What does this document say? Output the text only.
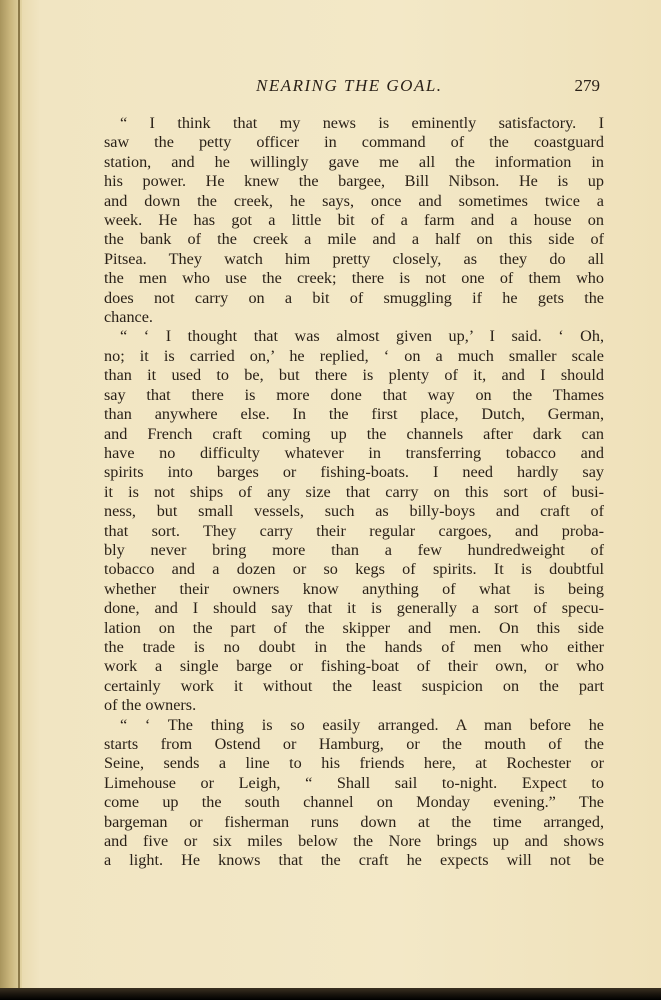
NEARING THE GOAL.	279
“ I think that my news is eminently satisfactory. I
saw the petty officer in command of the coastguard
station, and he willingly gave me all the information in
his power. He knew the bargee, Bill Nibson. He is up
and down the creek, he says, once and sometimes twice a
week. He has got a little bit of a farm and a house on
the bank of the creek a mile and a half on this side of
Pitsea. They watch him pretty closely, as they do all
the men who use the creek; there is not one of them who
does not carry on a bit of smuggling if he gets the
chance.
“ ‘ I thought that was almost given up,’ I said. ‘ Oh,
no; it is carried on,’ he replied, ‘ on a much smaller scale
than it used to be, but there is plenty of it, and I should
say that there is more done that way on the Thames
than anywhere else. In the first place, Dutch, German,
and French craft coming up the channels after dark can
have no difficulty whatever in transferring tobacco and
spirits into barges or fishing-boats. I need hardly say
it is not ships of any size that carry on this sort of busi-
ness, but small vessels, such as billy-boys and craft of
that sort. They carry their regular cargoes, and proba-
bly never bring more than a few hundredweight of
tobacco and a dozen or so kegs of spirits. It is doubtful
whether their owners know anything of what is being
done, and I should say that it is generally a sort of specu-
lation on the part of the skipper and men. On this side
the trade is no doubt in the hands of men who either
work a single barge or fishing-boat of their own, or who
certainly work it without the least suspicion on the part
of the owners.
“ ‘ The thing is so easily arranged. A man before he
starts from Ostend or Hamburg, or the mouth of the
Seine, sends a line to his friends here, at Rochester or
Limehouse or Leigh, “ Shall sail to-night. Expect to
come up the south channel on Monday evening.” The
bargeman or fisherman runs down at the time arranged,
and five or six miles below the Nore brings up and shows
a light. He knows that the craft he expects will not be
